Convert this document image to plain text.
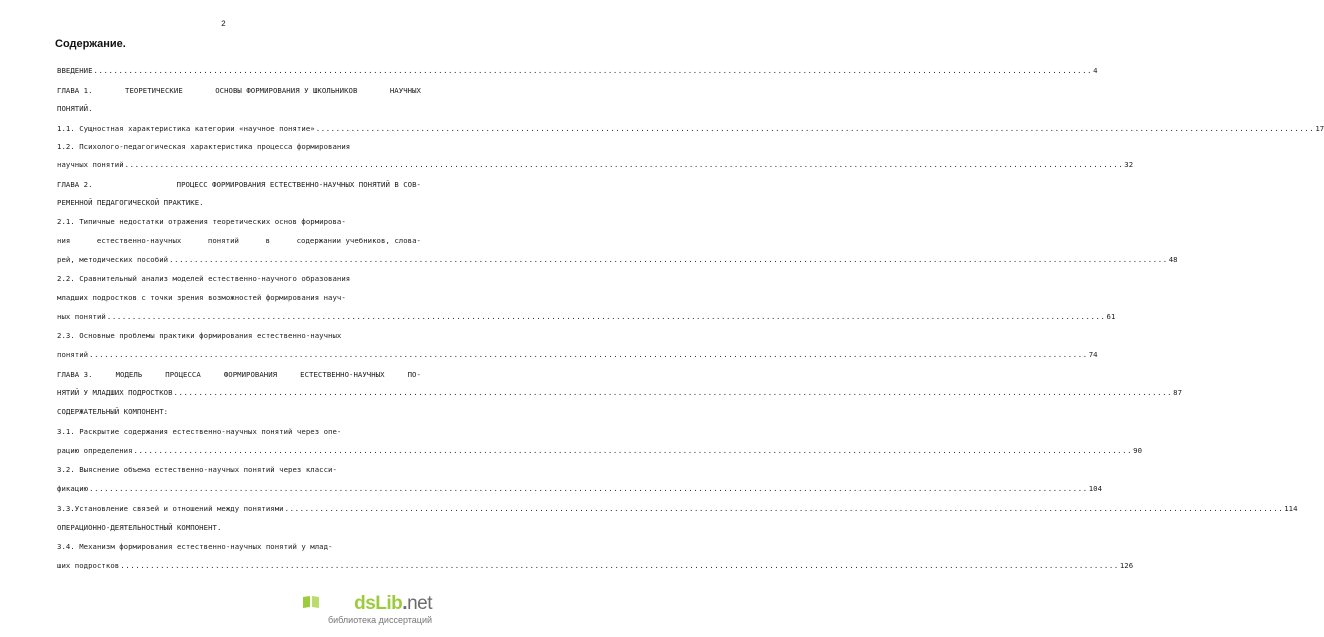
2
Содержание.
ВВЕДЕНИЕ ........................................................................................................................................................................................................ 4
ГЛАВА 1.	ТЕОРЕТИЧЕСКИЕ	ОСНОВЫ ФОРМИРОВАНИЯ У ШКОЛЬНИКОВ	НАУЧНЫХ
ПОНЯТИЙ.
1.1. Сущностная характеристика категории «научное понятие» ........................................................................................................................................................................................................ 17
1.2. Психолого-педагогическая характеристика процесса формирования
научных понятий ........................................................................................................................................................................................................ 32
ГЛАВА 2.	ПРОЦЕСС ФОРМИРОВАНИЯ ЕСТЕСТВЕННО-НАУЧНЫХ ПОНЯТИЙ В СОВ-
РЕМЕННОЙ ПЕДАГОГИЧЕСКОЙ ПРАКТИКЕ.
2.1. Типичные недостатки отражения теоретических основ формирова-
ния	естественно-научных	понятий	в	содержании учебников, слова-
рей, методических пособий ........................................................................................................................................................................................................ 48
2.2. Сравнительный анализ моделей естественно-научного образования
младших подростков с точки зрения возможностей формирования науч-
ных понятий ........................................................................................................................................................................................................ 61
2.3. Основные проблемы практики формирования естественно-научных
понятий ........................................................................................................................................................................................................ 74
ГЛАВА 3.	МОДЕЛЬ	ПРОЦЕССА	ФОРМИРОВАНИЯ	ЕСТЕСТВЕННО-НАУЧНЫХ	ПО-
НЯТИЙ У МЛАДШИХ ПОДРОСТКОВ ........................................................................................................................................................................................................ 87
СОДЕРЖАТЕЛЬНЫЙ КОМПОНЕНТ:
3.1. Раскрытие содержания естественно-научных понятий через опе-
рацию определения ........................................................................................................................................................................................................ 90
3.2. Выяснение объема естественно-научных понятий через класси-
фикацию ........................................................................................................................................................................................................ 104
3.3.Установление связей и отношений между понятиями ........................................................................................................................................................................................................ 114
ОПЕРАЦИОННО-ДЕЯТЕЛЬНОСТНЫЙ КОМПОНЕНТ.
3.4. Механизм формирования естественно-научных понятий у млад-
ших подростков ........................................................................................................................................................................................................ 126
dsLib.net
библиотека диссертаций
